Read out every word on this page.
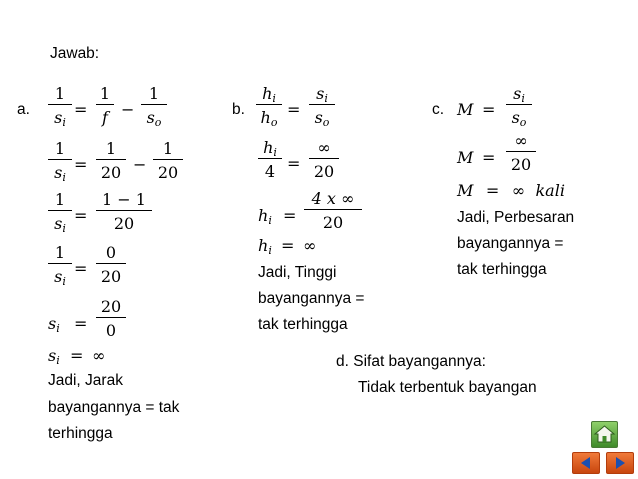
Jawab:
a.
1
si
=
1
f −
1
so
1
si
=
1
20 −
1
20
1
si
=
1 − 1
20
1
si
=
0
20
si =
20
0
si = ∞
Jadi, Jarak
bayangannya = tak
terhingga
b.
hi
ho
=
si
so
hi
4 =
∞
20
hi =
4 x ∞
20
hi = ∞
Jadi, Tinggi
bayangannya =
tak terhingga
c. M =
si
so
M =
∞
20
M = ∞ kali
Jadi, Perbesaran
bayangannya =
tak terhingga
d. Sifat bayangannya:
Tidak terbentuk bayangan
